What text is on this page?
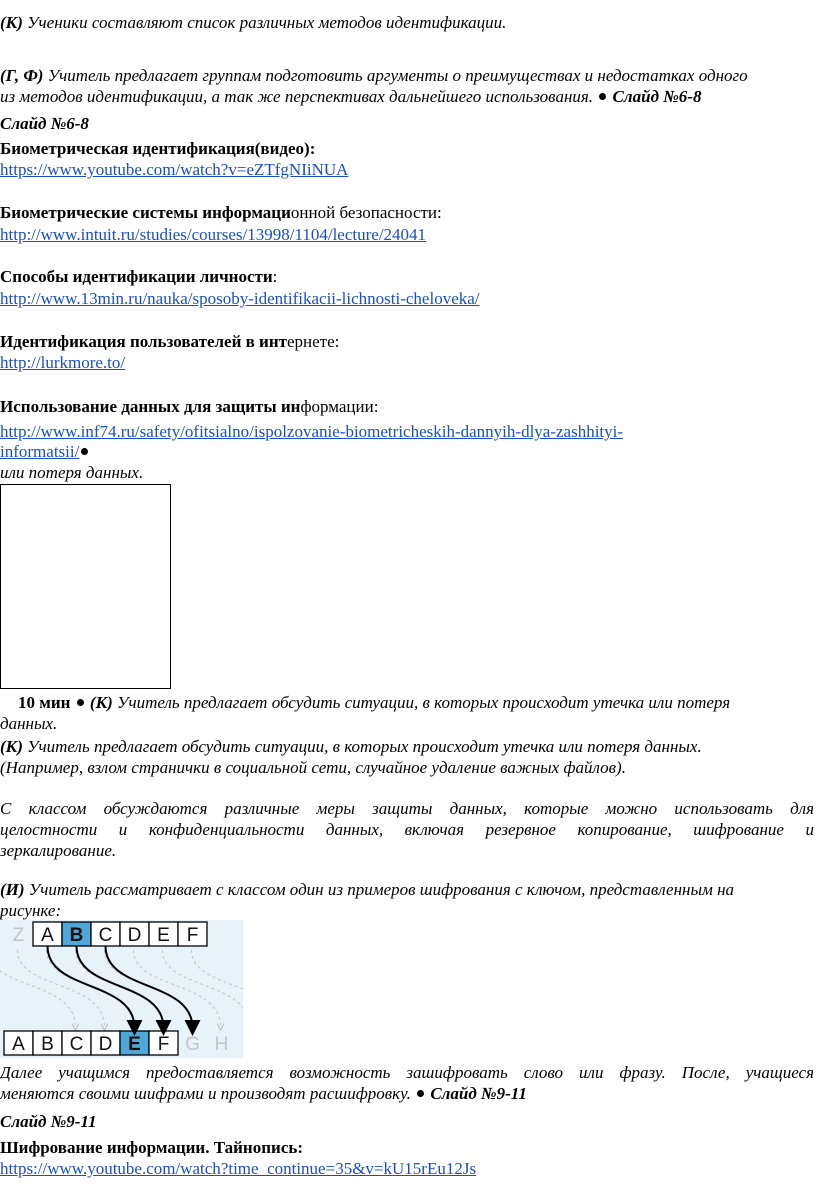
(К) Ученики составляют список различных методов идентификации.
(Г, Ф) Учитель предлагает группам подготовить аргументы о преимуществах и недостатках одного
из методов идентификации, а так же перспективах дальнейшего использования. Слайд №6-8
Слайд №6-8
Биометрическая идентификация(видео):
https://www.youtube.com/watch?v=eZTfgNIiNUA
Биометрические системы информационной безопасности:
http://www.intuit.ru/studies/courses/13998/1104/lecture/24041
Способы идентификации личности:
http://www.13min.ru/nauka/sposoby-identifikacii-lichnosti-cheloveka/
Идентификация пользователей в интернете:
http://lurkmore.to/
Использование данных для защиты информации:
http://www.inf74.ru/safety/ofitsialno/ispolzovanie-biometricheskih-dannyih-dlya-zashhityi-
informatsii/
или потеря данных.
10 мин (К) Учитель предлагает обсудить ситуации, в которых происходит утечка или потеря
данных.
(К) Учитель предлагает обсудить ситуации, в которых происходит утечка или потеря данных.
(Например, взлом странички в социальной сети, случайное удаление важных файлов).
С классом обсуждаются различные меры защиты данных, которые можно использовать для
целостности и конфиденциальности данных, включая резервное копирование, шифрование и
зеркалирование.
(И) Учитель рассматривает с классом один из примеров шифрования с ключом, представленным на
рисунке:
Z A B C D E F
A B C D E F G H
Далее учащимся предоставляется возможность зашифровать слово или фразу. После, учащиеся
меняются своими шифрами и производят расшифровку. Слайд №9-11
Слайд №9-11
Шифрование информации. Тайнопись:
https://www.youtube.com/watch?time_continue=35&v=kU15rEu12Js
